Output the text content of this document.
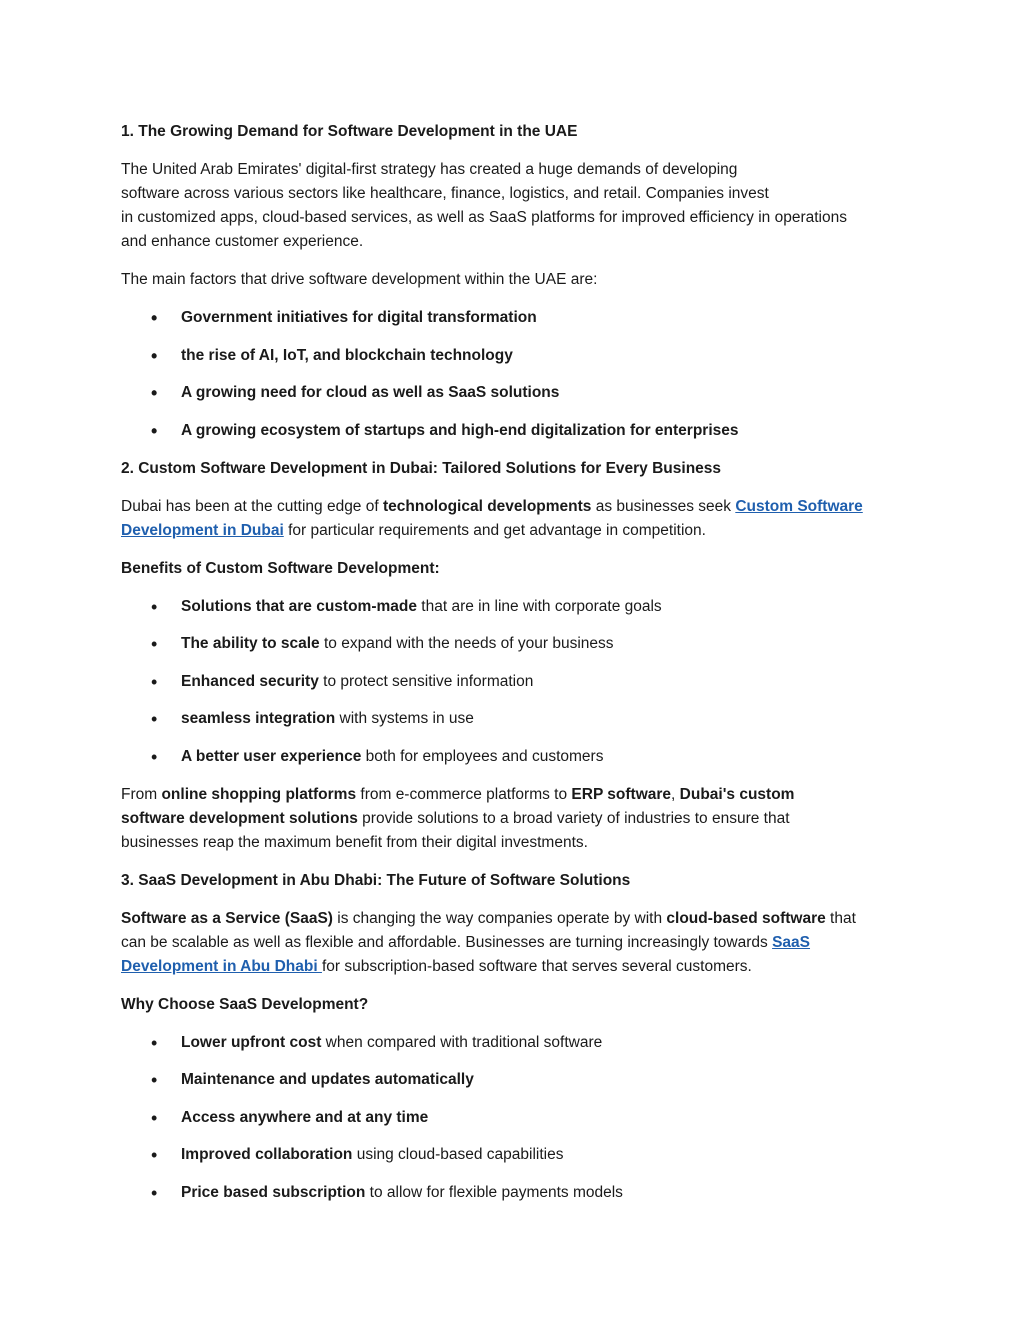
1. The Growing Demand for Software Development in the UAE
The United Arab Emirates' digital-first strategy has created a huge demands of developing
software across various sectors like healthcare, finance, logistics, and retail. Companies invest
in customized apps, cloud-based services, as well as SaaS platforms for improved efficiency in operations
and enhance customer experience.
The main factors that drive software development within the UAE are:
• Government initiatives for digital transformation
• the rise of AI, IoT, and blockchain technology
• A growing need for cloud as well as SaaS solutions
• A growing ecosystem of startups and high-end digitalization for enterprises
2. Custom Software Development in Dubai: Tailored Solutions for Every Business
Dubai has been at the cutting edge of technological developments as businesses seek Custom Software
Development in Dubai for particular requirements and get advantage in competition.
Benefits of Custom Software Development:
• Solutions that are custom-made that are in line with corporate goals
• The ability to scale to expand with the needs of your business
• Enhanced security to protect sensitive information
• seamless integration with systems in use
• A better user experience both for employees and customers
From online shopping platforms from e-commerce platforms to ERP software, Dubai's custom
software development solutions provide solutions to a broad variety of industries to ensure that
businesses reap the maximum benefit from their digital investments.
3. SaaS Development in Abu Dhabi: The Future of Software Solutions
Software as a Service (SaaS) is changing the way companies operate by with cloud-based software that
can be scalable as well as flexible and affordable. Businesses are turning increasingly towards SaaS
Development in Abu Dhabi for subscription-based software that serves several customers.
Why Choose SaaS Development?
• Lower upfront cost when compared with traditional software
• Maintenance and updates automatically
• Access anywhere and at any time
• Improved collaboration using cloud-based capabilities
• Price based subscription to allow for flexible payments models
